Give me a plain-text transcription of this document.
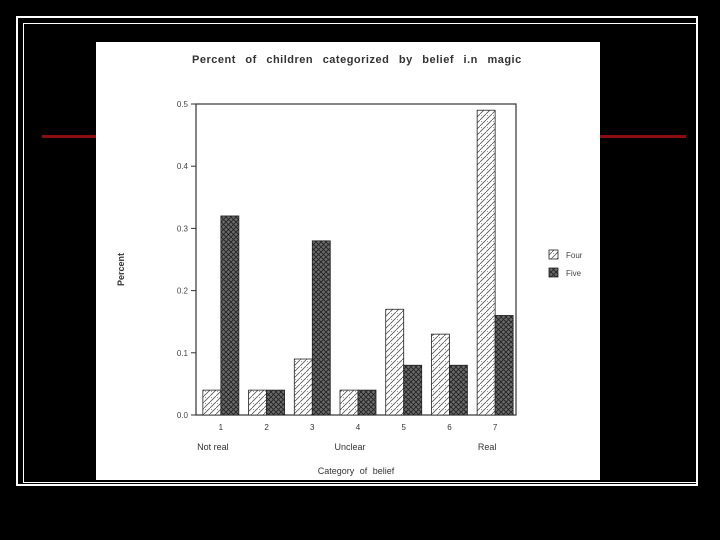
Percent of children categorized by belief i.n magic
0.0
0.1
0.2
0.3
0.4
0.5
Percent
1	2	3	4	5	6	7
Not real	Unclear	Real
Category of belief
Four
Five
